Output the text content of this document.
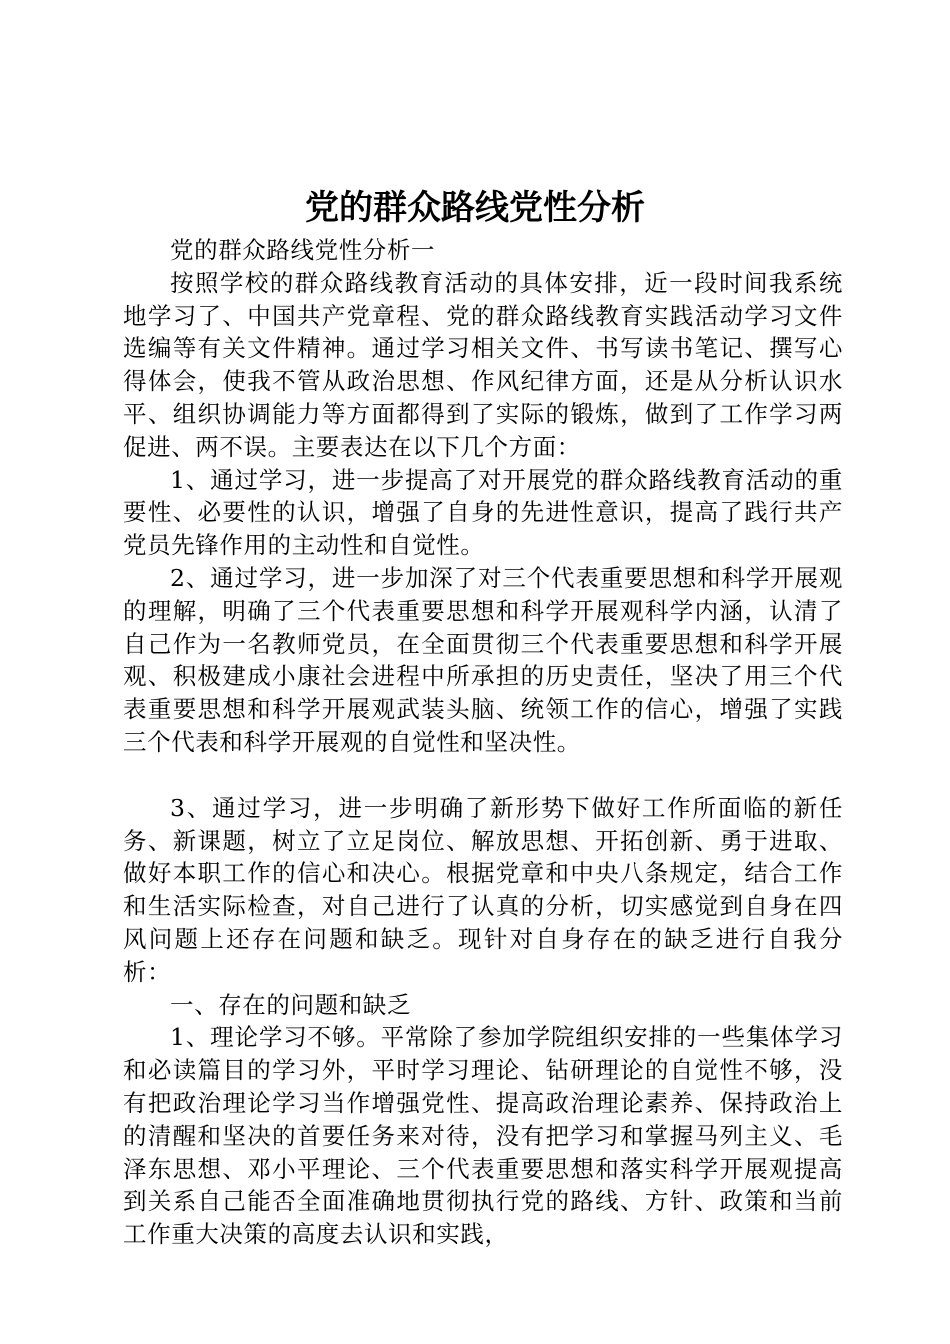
党的群众路线党性分析

党的群众路线党性分析一

按照学校的群众路线教育活动的具体安排，近一段时间我系统地学习了、中国共产党章程、党的群众路线教育实践活动学习文件选编等有关文件精神。通过学习相关文件、书写读书笔记、撰写心得体会，使我不管从政治思想、作风纪律方面，还是从分析认识水平、组织协调能力等方面都得到了实际的锻炼，做到了工作学习两促进、两不误。主要表达在以下几个方面：

1、通过学习，进一步提高了对开展党的群众路线教育活动的重要性、必要性的认识，增强了自身的先进性意识，提高了践行共产党员先锋作用的主动性和自觉性。

2、通过学习，进一步加深了对三个代表重要思想和科学开展观的理解，明确了三个代表重要思想和科学开展观科学内涵，认清了自己作为一名教师党员，在全面贯彻三个代表重要思想和科学开展观、积极建成小康社会进程中所承担的历史责任，坚决了用三个代表重要思想和科学开展观武装头脑、统领工作的信心，增强了实践三个代表和科学开展观的自觉性和坚决性。

3、通过学习，进一步明确了新形势下做好工作所面临的新任务、新课题，树立了立足岗位、解放思想、开拓创新、勇于进取、做好本职工作的信心和决心。根据党章和中央八条规定，结合工作和生活实际检查，对自己进行了认真的分析，切实感觉到自身在四风问题上还存在问题和缺乏。现针对自身存在的缺乏进行自我分析：

一、存在的问题和缺乏

1、理论学习不够。平常除了参加学院组织安排的一些集体学习和必读篇目的学习外，平时学习理论、钻研理论的自觉性不够，没有把政治理论学习当作增强党性、提高政治理论素养、保持政治上的清醒和坚决的首要任务来对待，没有把学习和掌握马列主义、毛泽东思想、邓小平理论、三个代表重要思想和落实科学开展观提高到关系自己能否全面准确地贯彻执行党的路线、方针、政策和当前工作重大决策的高度去认识和实践，
